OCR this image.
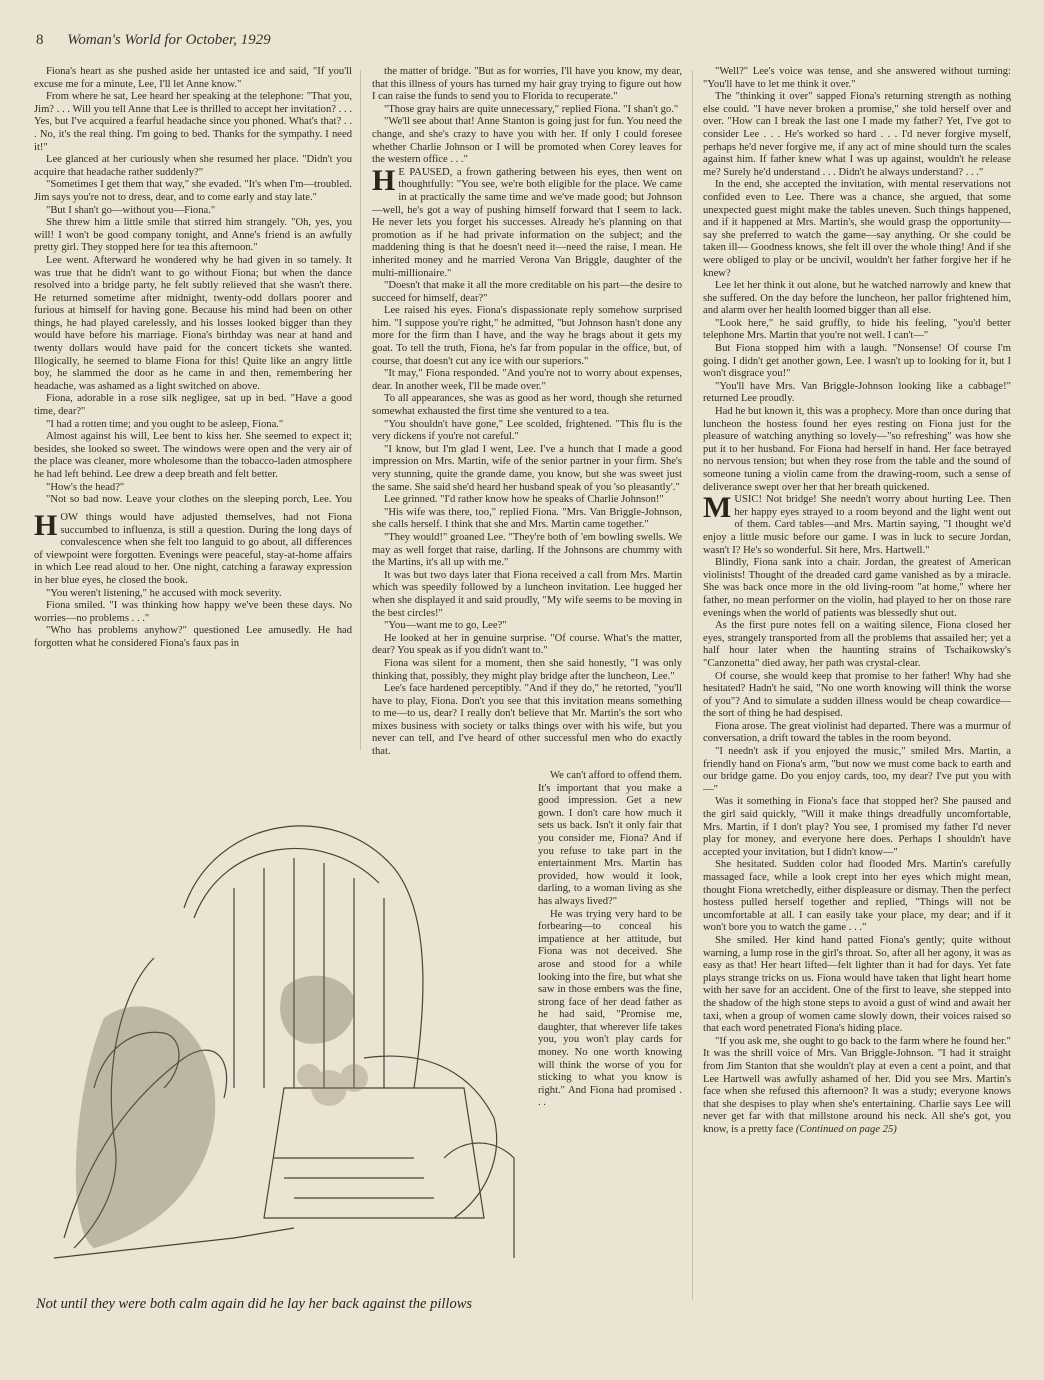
8 Woman's World for October, 1929

Fiona's heart as she pushed aside her untasted ice and said, "If you'll excuse me for a minute, Lee, I'll let Anne know."

From where he sat, Lee heard her speaking at the telephone: "That you, Jim? . . . Will you tell Anne that Lee is thrilled to accept her invitation? . . . Yes, but I've acquired a fearful headache since you phoned. What's that? . . . No, it's the real thing. I'm going to bed. Thanks for the sympathy. I need it!"

Lee glanced at her curiously when she resumed her place. "Didn't you acquire that headache rather suddenly?"

"Sometimes I get them that way," she evaded. "It's when I'm—troubled. Jim says you're not to dress, dear, and to come early and stay late."

"But I shan't go—without you—Fiona."

She threw him a little smile that stirred him strangely. "Oh, yes, you will! I won't be good company tonight, and Anne's friend is an awfully pretty girl. They stopped here for tea this afternoon."

Lee went. Afterward he wondered why he had given in so tamely. It was true that he didn't want to go without Fiona; but when the dance resolved into a bridge party, he felt subtly relieved that she wasn't there. He returned sometime after midnight, twenty-odd dollars poorer and furious at himself for having gone. Because his mind had been on other things, he had played carelessly, and his losses looked bigger than they would have before his marriage. Fiona's birthday was near at hand and twenty dollars would have paid for the concert tickets she wanted. Illogically, he seemed to blame Fiona for this! Quite like an angry little boy, he slammed the door as he came in and then, remembering her headache, was ashamed as a light switched on above.

Fiona, adorable in a rose silk negligee, sat up in bed. "Have a good time, dear?"

"I had a rotten time; and you ought to be asleep, Fiona."

Almost against his will, Lee bent to kiss her. She seemed to expect it; besides, she looked so sweet. The windows were open and the very air of the place was cleaner, more wholesome than the tobacco-laden atmosphere he had left behind. Lee drew a deep breath and felt better.

"How's the head?"

"Not so bad now. Leave your clothes on the sleeping porch, Lee. You

HOW things would have adjusted themselves, had not Fiona succumbed to influenza, is still a question. During the long days of convalescence when she felt too languid to go about, all differences of viewpoint were forgotten. Evenings were peaceful, stay-at-home affairs in which Lee read aloud to her. One night, catching a faraway expression in her blue eyes, he closed the book.

"You weren't listening," he accused with mock severity.

Fiona smiled. "I was thinking how happy we've been these days. No worries—no problems . . ."

"Who has problems anyhow?" questioned Lee amusedly. He had forgotten what he considered Fiona's faux pas in

the matter of bridge. "But as for worries, I'll have you know, my dear, that this illness of yours has turned my hair gray trying to figure out how I can raise the funds to send you to Florida to recuperate."

"Those gray hairs are quite unnecessary," replied Fiona. "I shan't go."

"We'll see about that! Anne Stanton is going just for fun. You need the change, and she's crazy to have you with her. If only I could foresee whether Charlie Johnson or I will be promoted when Corey leaves for the western office . . ."

H E PAUSED, a frown gathering between his eyes, then went on thoughtfully: "You see, we're both eligible for the place. We came in at practically the same time and we've made good; but Johnson—well, he's got a way of pushing himself forward that I seem to lack. He never lets you forget his successes. Already he's planning on that promotion as if he had private information on the subject; and the maddening thing is that he doesn't need it—need the raise, I mean. He inherited money and he married Verona Van Briggle, daughter of the multi-millionaire."

"Doesn't that make it all the more creditable on his part—the desire to succeed for himself, dear?"

Lee raised his eyes. Fiona's dispassionate reply somehow surprised him. "I suppose you're right," he admitted, "but Johnson hasn't done any more for the firm than I have, and the way he brags about it gets my goat. To tell the truth, Fiona, he's far from popular in the office, but, of course, that doesn't cut any ice with our superiors."

"It may," Fiona responded. "And you're not to worry about expenses, dear. In another week, I'll be made over."

To all appearances, she was as good as her word, though she returned somewhat exhausted the first time she ventured to a tea.

"You shouldn't have gone," Lee scolded, frightened. "This flu is the very dickens if you're not careful."

"I know, but I'm glad I went, Lee. I've a hunch that I made a good impression on Mrs. Martin, wife of the senior partner in your firm. She's very stunning, quite the grande dame, you know, but she was sweet just the same. She said she'd heard her husband speak of you 'so pleasantly'."

Lee grinned. "I'd rather know how he speaks of Charlie Johnson!"

"His wife was there, too," replied Fiona. "Mrs. Van Briggle-Johnson, she calls herself. I think that she and Mrs. Martin came together."

"They would!" groaned Lee. "They're both of 'em bowling swells. We may as well forget that raise, darling. If the Johnsons are chummy with the Martins, it's all up with me."

It was but two days later that Fiona received a call from Mrs. Martin which was speedily followed by a luncheon invitation. Lee hugged her when she displayed it and said proudly, "My wife seems to be moving in the best circles!"

"You—want me to go, Lee?"

He looked at her in genuine surprise. "Of course. What's the matter, dear? You speak as if you didn't want to."

Fiona was silent for a moment, then she said honestly, "I was only thinking that, possibly, they might play bridge after the luncheon, Lee."

Lee's face hardened perceptibly. "And if they do," he retorted, "you'll have to play, Fiona. Don't you see that this invitation means something to me—to us, dear? I really don't believe that Mr. Martin's the sort who mixes business with society or talks things over with his wife, but you never can tell, and I've heard of other successful men who do exactly that.

We can't afford to offend them. It's important that you make a good impression. Get a new gown. I don't care how much it sets us back. Isn't it only fair that you consider me, Fiona? And if you refuse to take part in the entertainment Mrs. Martin has provided, how would it look, darling, to a woman living as she has always lived?"

He was trying very hard to be forbearing—to conceal his impatience at her attitude, but Fiona was not deceived. She arose and stood for a while looking into the fire, but what she saw in those embers was the fine, strong face of her dead father as he had said, "Promise me, daughter, that wherever life takes you, you won't play cards for money. No one worth knowing will think the worse of you for sticking to what you know is right." And Fiona had promised . . .

"Well?" Lee's voice was tense, and she answered without turning: "You'll have to let me think it over."

The "thinking it over" sapped Fiona's returning strength as nothing else could. "I have never broken a promise," she told herself over and over. "How can I break the last one I made my father? Yet, I've got to consider Lee . . . He's worked so hard . . . I'd never forgive myself, perhaps he'd never forgive me, if any act of mine should turn the scales against him. If father knew what I was up against, wouldn't he release me? Surely he'd understand . . . Didn't he always understand? . . ."

In the end, she accepted the invitation, with mental reservations not confided even to Lee. There was a chance, she argued, that some unexpected guest might make the tables uneven. Such things happened, and if it happened at Mrs. Martin's, she would grasp the opportunity—say she preferred to watch the game—say anything. Or she could be taken ill— Goodness knows, she felt ill over the whole thing! And if she were obliged to play or be uncivil, wouldn't her father forgive her if he knew?

Lee let her think it out alone, but he watched narrowly and knew that she suffered. On the day before the luncheon, her pallor frightened him, and alarm over her health loomed bigger than all else.

"Look here," he said gruffly, to hide his feeling, "you'd better telephone Mrs. Martin that you're not well. I can't—"

But Fiona stopped him with a laugh. "Nonsense! Of course I'm going. I didn't get another gown, Lee. I wasn't up to looking for it, but I won't disgrace you!"

"You'll have Mrs. Van Briggle-Johnson looking like a cabbage!" returned Lee proudly.

Had he but known it, this was a prophecy. More than once during that luncheon the hostess found her eyes resting on Fiona just for the pleasure of watching anything so lovely—"so refreshing" was how she put it to her husband. For Fiona had herself in hand. Her face betrayed no nervous tension; but when they rose from the table and the sound of someone tuning a violin came from the drawing-room, such a sense of deliverance swept over her that her breath quickened.

MUSIC! Not bridge! She needn't worry about hurting Lee. Then her happy eyes strayed to a room beyond and the light went out of them. Card tables—and Mrs. Martin saying, "I thought we'd enjoy a little music before our game. I was in luck to secure Jordan, wasn't I? He's so wonderful. Sit here, Mrs. Hartwell."

Blindly, Fiona sank into a chair. Jordan, the greatest of American violinists! Thought of the dreaded card game vanished as by a miracle. She was back once more in the old living-room "at home," where her father, no mean performer on the violin, had played to her on those rare evenings when the world of patients was blessedly shut out.

As the first pure notes fell on a waiting silence, Fiona closed her eyes, strangely transported from all the problems that assailed her; yet a half hour later when the haunting strains of Tschaikowsky's "Canzonetta" died away, her path was crystal-clear.

Of course, she would keep that promise to her father! Why had she hesitated? Hadn't he said, "No one worth knowing will think the worse of you"? And to simulate a sudden illness would be cheap cowardice—the sort of thing he had despised.

Fiona arose. The great violinist had departed. There was a murmur of conversation, a drift toward the tables in the room beyond.

"I needn't ask if you enjoyed the music," smiled Mrs. Martin, a friendly hand on Fiona's arm, "but now we must come back to earth and our bridge game. Do you enjoy cards, too, my dear? I've put you with—"

Was it something in Fiona's face that stopped her? She paused and the girl said quickly, "Will it make things dreadfully uncomfortable, Mrs. Martin, if I don't play? You see, I promised my father I'd never play for money, and everyone here does. Perhaps I shouldn't have accepted your invitation, but I didn't know—"

She hesitated. Sudden color had flooded Mrs. Martin's carefully massaged face, while a look crept into her eyes which might mean, thought Fiona wretchedly, either displeasure or dismay. Then the perfect hostess pulled herself together and replied, "Things will not be uncomfortable at all. I can easily take your place, my dear; and if it won't bore you to watch the game . . ."

She smiled. Her kind hand patted Fiona's gently; quite without warning, a lump rose in the girl's throat. So, after all her agony, it was as easy as that! Her heart lifted—felt lighter than it had for days. Yet fate plays strange tricks on us. Fiona would have taken that light heart home with her save for an accident. One of the first to leave, she stepped into the shadow of the high stone steps to avoid a gust of wind and await her taxi, when a group of women came slowly down, their voices raised so that each word penetrated Fiona's hiding place.

"If you ask me, she ought to go back to the farm where he found her." It was the shrill voice of Mrs. Van Briggle-Johnson. "I had it straight from Jim Stanton that she wouldn't play at even a cent a point, and that Lee Hartwell was awfully ashamed of her. Did you see Mrs. Martin's face when she refused this afternoon? It was a study; everyone knows that she despises to play when she's entertaining. Charlie says Lee will never get far with that millstone around his neck. All she's got, you know, is a pretty face (Continued on page 25)

Not until they were both calm again did he lay her back against the pillows
